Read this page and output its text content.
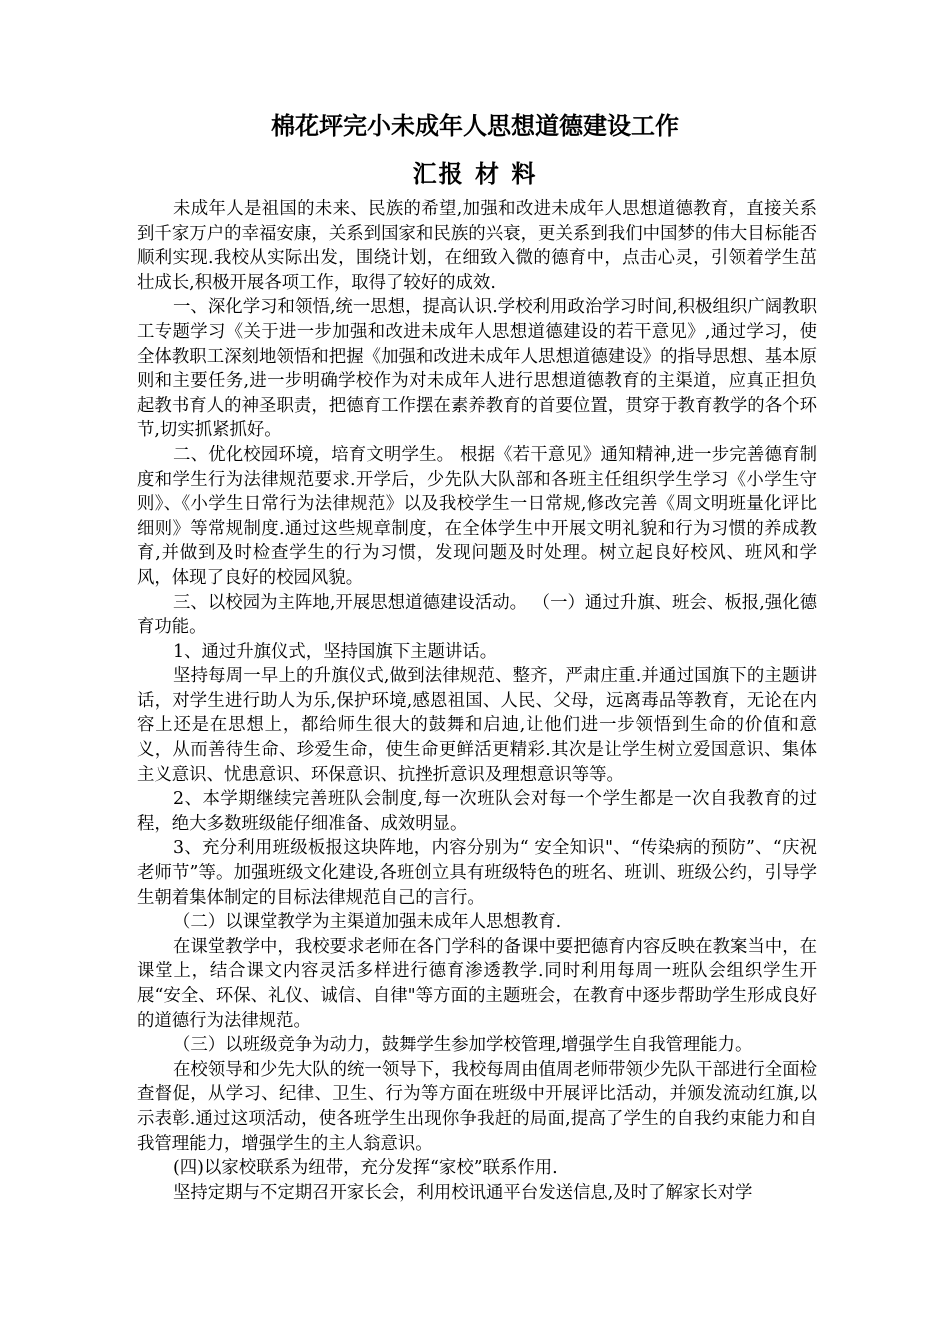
棉花坪完小未成年人思想道德建设工作
汇报 材 料

未成年人是祖国的未来、民族的希望,加强和改进未成年人思想道德教育，直接关系到千家万户的幸福安康，关系到国家和民族的兴衰，更关系到我们中国梦的伟大目标能否顺利实现.我校从实际出发，围绕计划，在细致入微的德育中，点击心灵，引领着学生茁壮成长,积极开展各项工作，取得了较好的成效.

一、深化学习和领悟,统一思想，提高认识.学校利用政治学习时间,积极组织广阔教职工专题学习《关于进一步加强和改进未成年人思想道德建设的若干意见》,通过学习，使全体教职工深刻地领悟和把握《加强和改进未成年人思想道德建设》的指导思想、基本原则和主要任务,进一步明确学校作为对未成年人进行思想道德教育的主渠道，应真正担负起教书育人的神圣职责，把德育工作摆在素养教育的首要位置，贯穿于教育教学的各个环节,切实抓紧抓好。

二、优化校园环境，培育文明学生。 根据《若干意见》通知精神,进一步完善德育制度和学生行为法律规范要求.开学后，少先队大队部和各班主任组织学生学习《小学生守则》、《小学生日常行为法律规范》以及我校学生一日常规,修改完善《周文明班量化评比细则》等常规制度.通过这些规章制度，在全体学生中开展文明礼貌和行为习惯的养成教育,并做到及时检查学生的行为习惯，发现问题及时处理。树立起良好校风、班风和学风，体现了良好的校园风貌。

三、以校园为主阵地,开展思想道德建设活动。 （一）通过升旗、班会、板报,强化德育功能。

1、通过升旗仪式，坚持国旗下主题讲话。

坚持每周一早上的升旗仪式,做到法律规范、整齐，严肃庄重.并通过国旗下的主题讲话，对学生进行助人为乐,保护环境,感恩祖国、人民、父母，远离毒品等教育，无论在内容上还是在思想上，都给师生很大的鼓舞和启迪,让他们进一步领悟到生命的价值和意义，从而善待生命、珍爱生命，使生命更鲜活更精彩.其次是让学生树立爱国意识、集体主义意识、忧患意识、环保意识、抗挫折意识及理想意识等等。

2、本学期继续完善班队会制度,每一次班队会对每一个学生都是一次自我教育的过程，绝大多数班级能仔细准备、成效明显。

3、充分利用班级板报这块阵地，内容分别为“ 安全知识"、“传染病的预防”、“庆祝老师节”等。加强班级文化建设,各班创立具有班级特色的班名、班训、班级公约，引导学生朝着集体制定的目标法律规范自己的言行。

（二）以课堂教学为主渠道加强未成年人思想教育.

在课堂教学中，我校要求老师在各门学科的备课中要把德育内容反映在教案当中，在课堂上，结合课文内容灵活多样进行德育渗透教学.同时利用每周一班队会组织学生开展“安全、环保、礼仪、诚信、自律"等方面的主题班会，在教育中逐步帮助学生形成良好的道德行为法律规范。

（三）以班级竞争为动力，鼓舞学生参加学校管理,增强学生自我管理能力。

在校领导和少先大队的统一领导下，我校每周由值周老师带领少先队干部进行全面检查督促，从学习、纪律、卫生、行为等方面在班级中开展评比活动，并颁发流动红旗,以示表彰.通过这项活动，使各班学生出现你争我赶的局面,提高了学生的自我约束能力和自我管理能力，增强学生的主人翁意识。

(四)以家校联系为纽带，充分发挥“家校”联系作用.

坚持定期与不定期召开家长会，利用校讯通平台发送信息,及时了解家长对学
